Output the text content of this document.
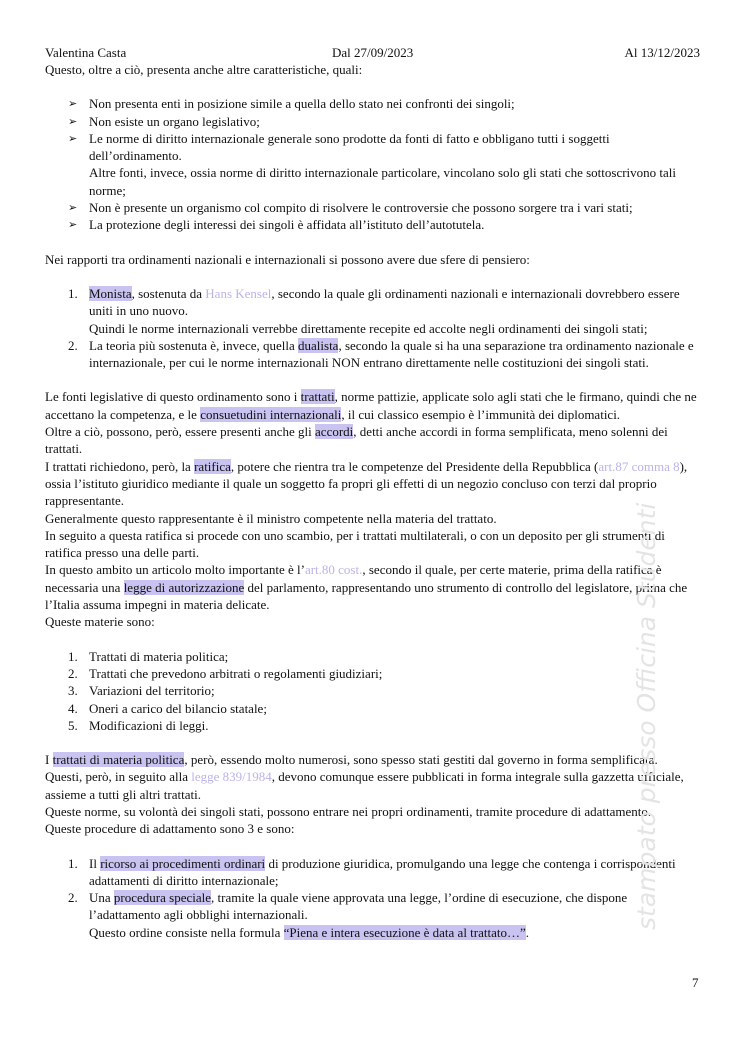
Valentina Casta	Dal 27/09/2023	Al 13/12/2023

Questo, oltre a ciò, presenta anche altre caratteristiche, quali:

➢ Non presenta enti in posizione simile a quella dello stato nei confronti dei singoli;
➢ Non esiste un organo legislativo;
➢ Le norme di diritto internazionale generale sono prodotte da fonti di fatto e obbligano tutti i soggetti dell’ordinamento.
Altre fonti, invece, ossia norme di diritto internazionale particolare, vincolano solo gli stati che sottoscrivono tali norme;
➢ Non è presente un organismo col compito di risolvere le controversie che possono sorgere tra i vari stati;
➢ La protezione degli interessi dei singoli è affidata all’istituto dell’autotutela.

Nei rapporti tra ordinamenti nazionali e internazionali si possono avere due sfere di pensiero:

1. Monista, sostenuta da Hans Kensel, secondo la quale gli ordinamenti nazionali e internazionali dovrebbero essere uniti in uno nuovo.
Quindi le norme internazionali verrebbe direttamente recepite ed accolte negli ordinamenti dei singoli stati;
2. La teoria più sostenuta è, invece, quella dualista, secondo la quale si ha una separazione tra ordinamento nazionale e internazionale, per cui le norme internazionali NON entrano direttamente nelle costituzioni dei singoli stati.

Le fonti legislative di questo ordinamento sono i trattati, norme pattizie, applicate solo agli stati che le firmano, quindi che ne accettano la competenza, e le consuetudini internazionali, il cui classico esempio è l’immunità dei diplomatici.

Oltre a ciò, possono, però, essere presenti anche gli accordi, detti anche accordi in forma semplificata, meno solenni dei trattati.

I trattati richiedono, però, la ratifica, potere che rientra tra le competenze del Presidente della Repubblica (art.87 comma 8), ossia l’istituto giuridico mediante il quale un soggetto fa propri gli effetti di un negozio concluso con terzi dal proprio rappresentante.

Generalmente questo rappresentante è il ministro competente nella materia del trattato.

In seguito a questa ratifica si procede con uno scambio, per i trattati multilaterali, o con un deposito per gli strumenti di ratifica presso una delle parti.

In questo ambito un articolo molto importante è l’art.80 cost., secondo il quale, per certe materie, prima della ratifica è necessaria una legge di autorizzazione del parlamento, rappresentando uno strumento di controllo del legislatore, prima che l’Italia assuma impegni in materia delicate.

Queste materie sono:

1. Trattati di materia politica;
2. Trattati che prevedono arbitrati o regolamenti giudiziari;
3. Variazioni del territorio;
4. Oneri a carico del bilancio statale;
5. Modificazioni di leggi.

I trattati di materia politica, però, essendo molto numerosi, sono spesso stati gestiti dal governo in forma semplificata.

Questi, però, in seguito alla legge 839/1984, devono comunque essere pubblicati in forma integrale sulla gazzetta ufficiale, assieme a tutti gli altri trattati.

Queste norme, su volontà dei singoli stati, possono entrare nei propri ordinamenti, tramite procedure di adattamento.

Queste procedure di adattamento sono 3 e sono:

1. Il ricorso ai procedimenti ordinari di produzione giuridica, promulgando una legge che contenga i corrispondenti adattamenti di diritto internazionale;
2. Una procedura speciale, tramite la quale viene approvata una legge, l’ordine di esecuzione, che dispone l’adattamento agli obblighi internazionali.
Questo ordine consiste nella formula “Piena e intera esecuzione è data al trattato…”.
stampato presso Officina Studenti
7
